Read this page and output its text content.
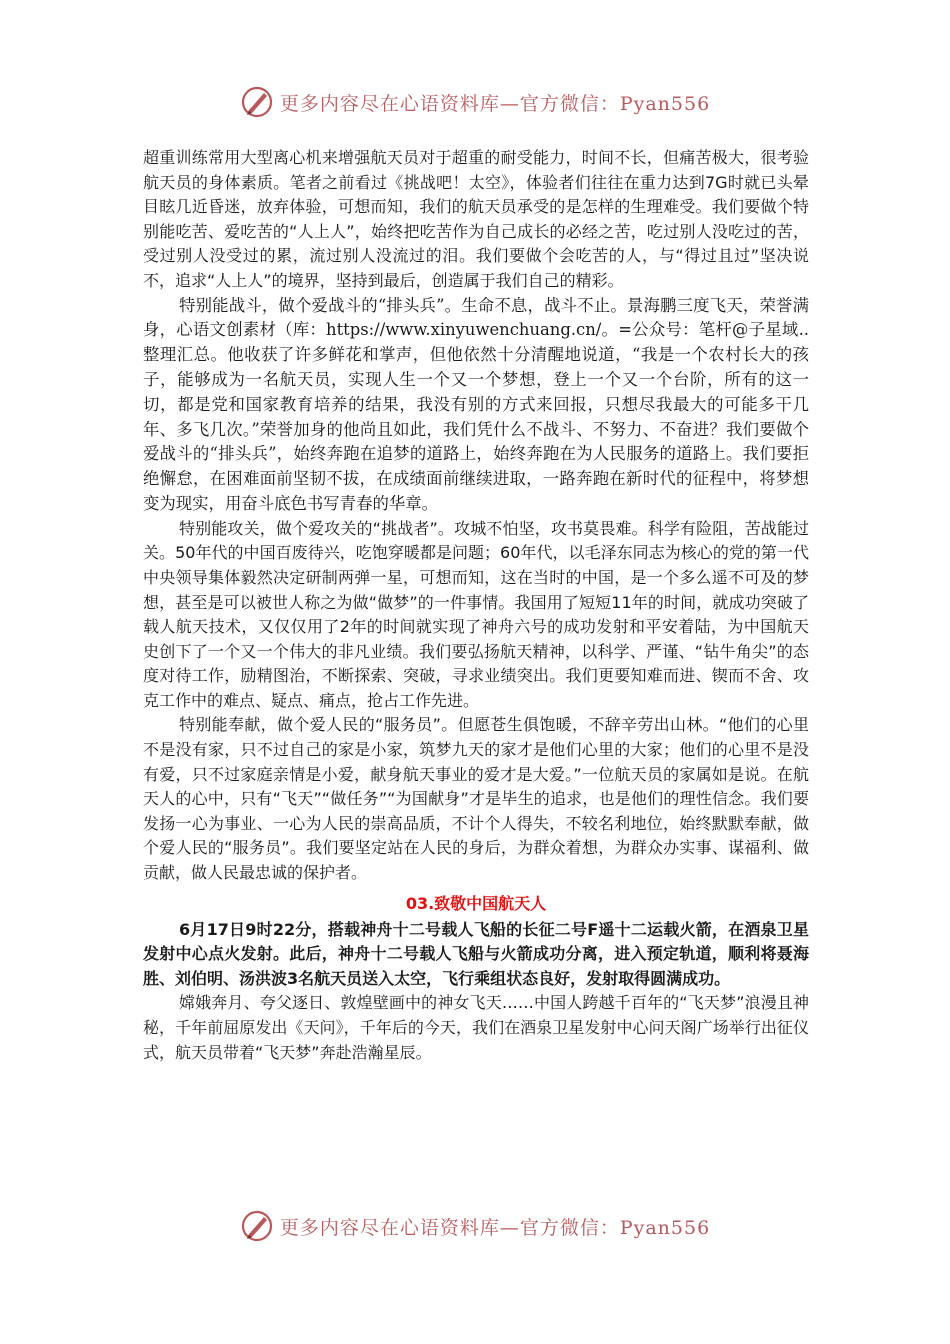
更多内容尽在心语资料库—官方微信：Pyan556

超重训练常用大型离心机来增强航天员对于超重的耐受能力，时间不长，但痛苦极大，很考验航天员的身体素质。笔者之前看过《挑战吧！太空》，体验者们往往在重力达到7G时就已头晕目眩几近昏迷，放弃体验，可想而知，我们的航天员承受的是怎样的生理难受。我们要做个特别能吃苦、爱吃苦的“人上人”，始终把吃苦作为自己成长的必经之苦，吃过别人没吃过的苦，受过别人没受过的累，流过别人没流过的泪。我们要做个会吃苦的人，与“得过且过”坚决说不，追求“人上人”的境界，坚持到最后，创造属于我们自己的精彩。

特别能战斗，做个爱战斗的“排头兵”。生命不息，战斗不止。景海鹏三度飞天，荣誉满身，心语文创素材（库：https://www.xinyuwenchuang.cn/。=公众号：笔杆@子星域..整理汇总。他收获了许多鲜花和掌声，但他依然十分清醒地说道，“我是一个农村长大的孩子，能够成为一名航天员，实现人生一个又一个梦想，登上一个又一个台阶，所有的这一切，都是党和国家教育培养的结果，我没有别的方式来回报，只想尽我最大的可能多干几年、多飞几次。”荣誉加身的他尚且如此，我们凭什么不战斗、不努力、不奋进？我们要做个爱战斗的“排头兵”，始终奔跑在追梦的道路上，始终奔跑在为人民服务的道路上。我们要拒绝懈怠，在困难面前坚韧不拔，在成绩面前继续进取，一路奔跑在新时代的征程中，将梦想变为现实，用奋斗底色书写青春的华章。

特别能攻关，做个爱攻关的“挑战者”。攻城不怕坚，攻书莫畏难。科学有险阻，苦战能过关。50年代的中国百废待兴，吃饱穿暖都是问题；60年代，以毛泽东同志为核心的党的第一代中央领导集体毅然决定研制两弹一星，可想而知，这在当时的中国，是一个多么遥不可及的梦想，甚至是可以被世人称之为做“做梦”的一件事情。我国用了短短11年的时间，就成功突破了载人航天技术，又仅仅用了2年的时间就实现了神舟六号的成功发射和平安着陆，为中国航天史创下了一个又一个伟大的非凡业绩。我们要弘扬航天精神，以科学、严谨、“钻牛角尖”的态度对待工作，励精图治，不断探索、突破，寻求业绩突出。我们更要知难而进、锲而不舍、攻克工作中的难点、疑点、痛点，抢占工作先进。

特别能奉献，做个爱人民的“服务员”。但愿苍生俱饱暖，不辞辛劳出山林。“他们的心里不是没有家，只不过自己的家是小家，筑梦九天的家才是他们心里的大家；他们的心里不是没有爱，只不过家庭亲情是小爱，献身航天事业的爱才是大爱。”一位航天员的家属如是说。在航天人的心中，只有“飞天”“做任务”“为国献身”才是毕生的追求，也是他们的理性信念。我们要发扬一心为事业、一心为人民的崇高品质，不计个人得失，不较名利地位，始终默默奉献，做个爱人民的“服务员”。我们要坚定站在人民的身后，为群众着想，为群众办实事、谋福利、做贡献，做人民最忠诚的保护者。

03.致敬中国航天人

6月17日9时22分，搭载神舟十二号载人飞船的长征二号F遥十二运载火箭，在酒泉卫星发射中心点火发射。此后，神舟十二号载人飞船与火箭成功分离，进入预定轨道，顺利将聂海胜、刘伯明、汤洪波3名航天员送入太空，飞行乘组状态良好，发射取得圆满成功。

嫦娥奔月、夸父逐日、敦煌壁画中的神女飞天……中国人跨越千百年的“飞天梦”浪漫且神秘，千年前屈原发出《天问》，千年后的今天，我们在酒泉卫星发射中心问天阁广场举行出征仪式，航天员带着“飞天梦”奔赴浩瀚星辰。

更多内容尽在心语资料库—官方微信：Pyan556
